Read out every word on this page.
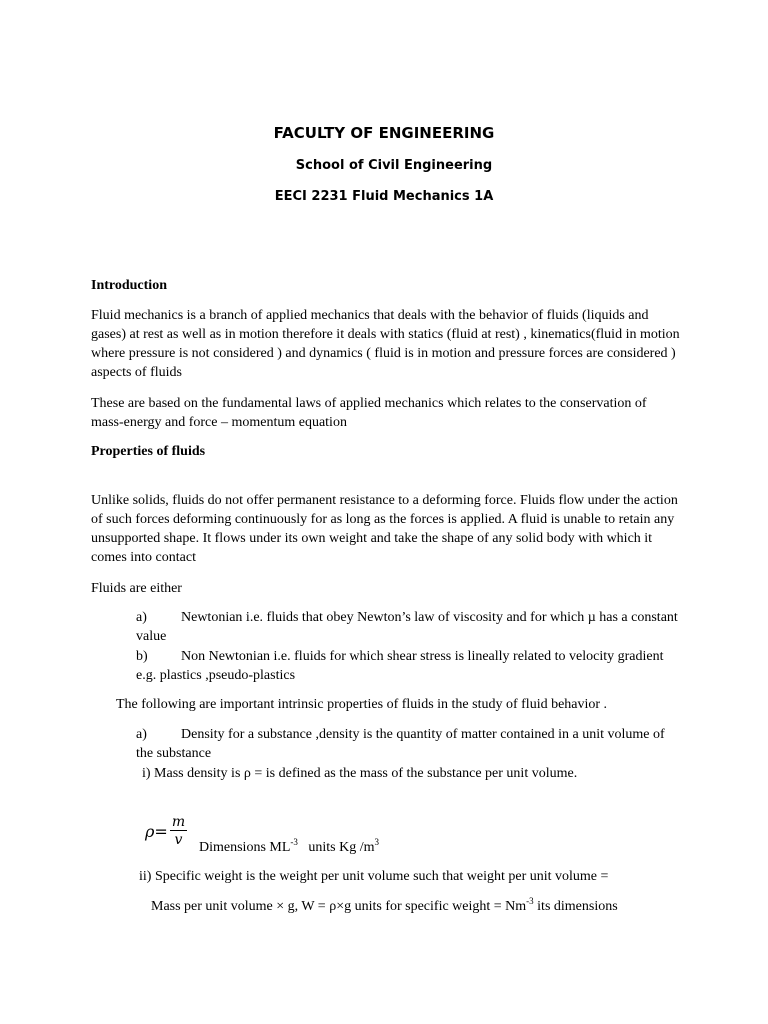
FACULTY OF ENGINEERING
School of Civil Engineering
EECI 2231 Fluid Mechanics 1A

Introduction

Fluid mechanics is a branch of applied mechanics that deals with the behavior of fluids (liquids and gases) at rest as well as in motion therefore it deals with statics (fluid at rest) , kinematics(fluid in motion where pressure is not considered ) and dynamics ( fluid is in motion and pressure forces are considered ) aspects of fluids

These are based on the fundamental laws of applied mechanics which relates to the conservation of mass-energy and force – momentum equation

Properties of fluids

Unlike solids, fluids do not offer permanent resistance to a deforming force. Fluids flow under the action of such forces deforming continuously for as long as the forces is applied. A fluid is unable to retain any unsupported shape. It flows under its own weight and take the shape of any solid body with which it comes into contact

Fluids are either

a) Newtonian i.e. fluids that obey Newton’s law of viscosity and for which µ has a constant value

b) Non Newtonian i.e. fluids for which shear stress is lineally related to velocity gradient e.g. plastics ,pseudo-plastics

The following are important intrinsic properties of fluids in the study of fluid behavior .

a) Density for a substance ,density is the quantity of matter contained in a unit volume of the substance

i) Mass density is ρ = is defined as the mass of the substance per unit volume.

$\rho = \frac{m}{v}$ Dimensions $ML^{-3}$   units Kg $/m^3$

ii) Specific weight is the weight per unit volume such that weight per unit volume =

Mass per unit volume × g, W = ρ×g units for specific weight = $Nm^{-3}$ its dimensions
